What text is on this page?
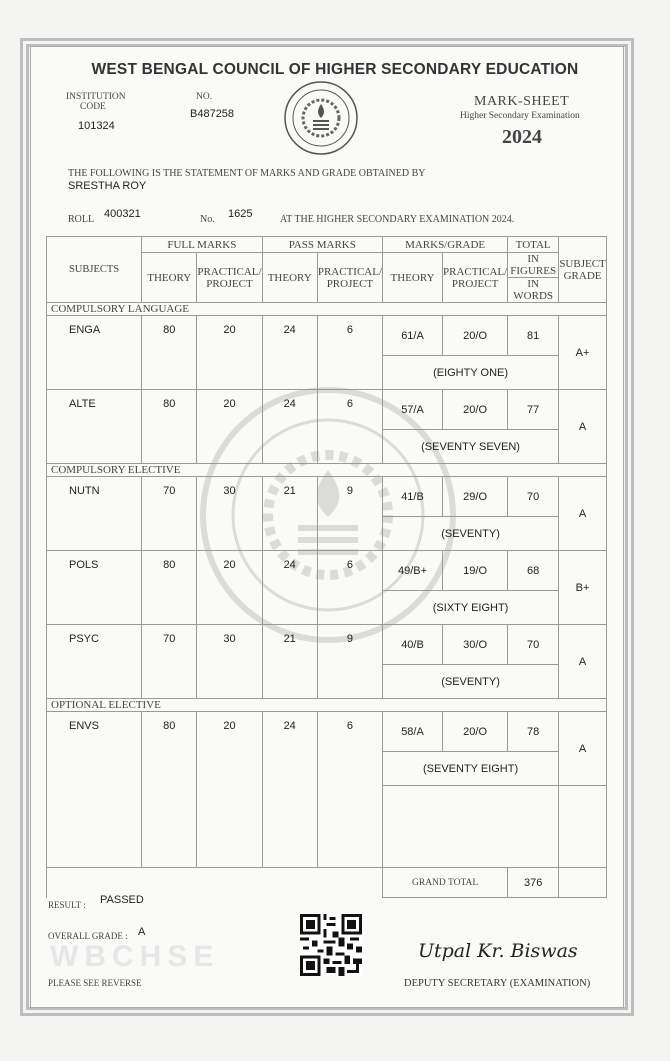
WEST BENGAL COUNCIL OF HIGHER SECONDARY EDUCATION
INSTITUTION
CODE
101324
NO.
B487258
MARK-SHEET
Higher Secondary Examination
2024
THE FOLLOWING IS THE STATEMENT OF MARKS AND GRADE OBTAINED BY
SRESTHA ROY
ROLL 400321	No. 1625	AT THE HIGHER SECONDARY EXAMINATION 2024.
SUBJECTS	FULL MARKS		PASS MARKS		MARKS/GRADE		TOTAL	SUBJECT GRADE
	THEORY	PRACTICAL/ PROJECT	THEORY	PRACTICAL/ PROJECT	THEORY	PRACTICAL/ PROJECT	IN FIGURES	
							IN WORDS	
COMPULSORY LANGUAGE								
ENGA	80	20	24	6	61/A	20/O	81	A+
					(EIGHTY ONE)			
ALTE	80	20	24	6	57/A	20/O	77	A
					(SEVENTY SEVEN)			
COMPULSORY ELECTIVE								
NUTN	70	30	21	9	41/B	29/O	70	A
					(SEVENTY)			
POLS	80	20	24	6	49/B+	19/O	68	B+
					(SIXTY EIGHT)			
PSYC	70	30	21	9	40/B	30/O	70	A
					(SEVENTY)			
OPTIONAL ELECTIVE								
ENVS	80	20	24	6	58/A	20/O	78	A
					(SEVENTY EIGHT)			

					GRAND TOTAL		376	
RESULT : PASSED
WBCHSE
OVERALL GRADE : A
Utpal Kr. Biswas
PLEASE SEE REVERSE	DEPUTY SECRETARY (EXAMINATION)
